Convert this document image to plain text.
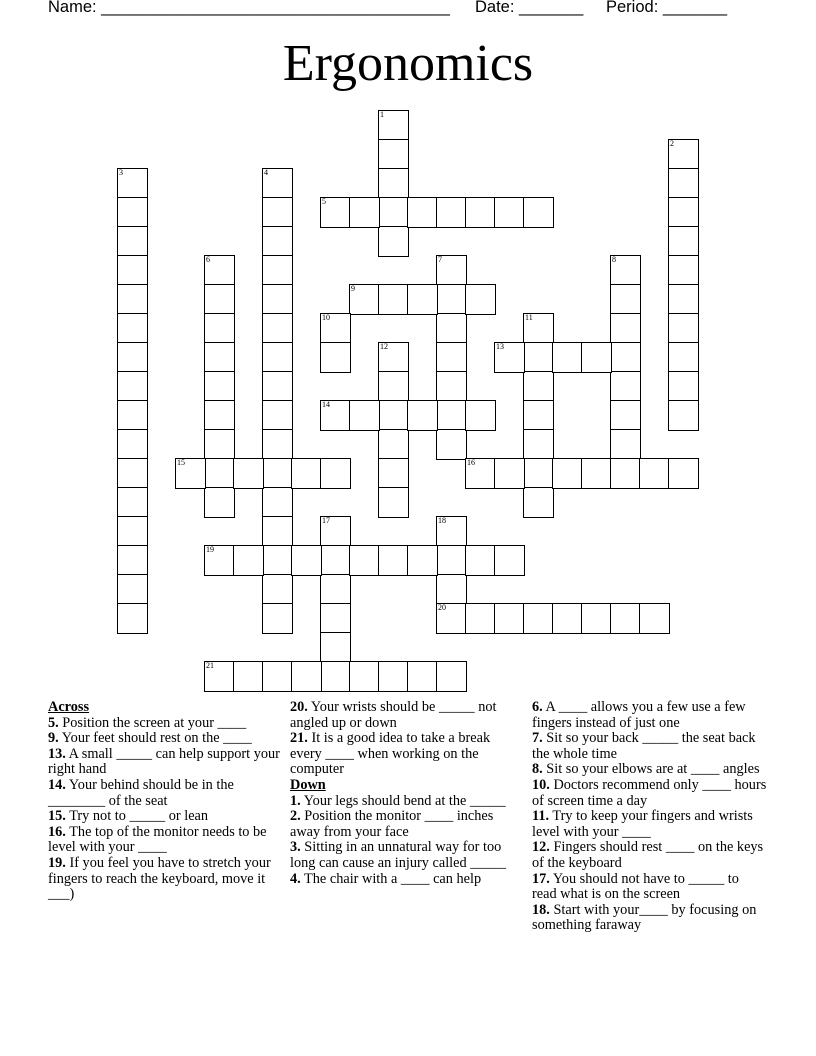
Name: ______________________________________ Date: _______ Period: _______
Ergonomics
1
2
3	4
5
6	7	8
9
10	11
12	13
14
15	16
17	18
20
19
21
Across
5. Position the screen at your ____
9. Your feet should rest on the ____
13. A small _____ can help support your right hand
14. Your behind should be in the ________ of the seat
15. Try not to _____ or lean
16. The top of the monitor needs to be level with your ____
19. If you feel you have to stretch your fingers to reach the keyboard, move it ___)
20. Your wrists should be _____ not angled up or down
21. It is a good idea to take a break every ____ when working on the computer
Down
1. Your legs should bend at the _____
2. Position the monitor ____ inches away from your face
3. Sitting in an unnatural way for too long can cause an injury called _____
4. The chair with a ____ can help
6. A ____ allows you a few use a few fingers instead of just one
7. Sit so your back _____ the seat back the whole time
8. Sit so your elbows are at ____ angles
10. Doctors recommend only ____ hours of screen time a day
11. Try to keep your fingers and wrists level with your ____
12. Fingers should rest ____ on the keys of the keyboard
17. You should not have to _____ to read what is on the screen
18. Start with your____ by focusing on something faraway
